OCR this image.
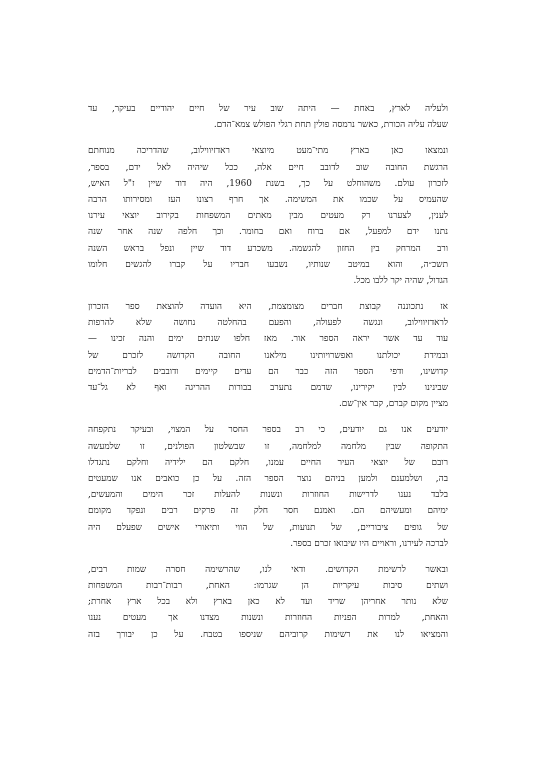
ולעליה לארץ, באחת — היתה שוב עיר של חיים יהודיים בעיקר, עד
שעלה עליה הכורת, כאשר נרמסה פולין תחת רגלי הפולש צמא־הדם.
ונמצאו כאן בארץ מתי־מעט מיוצאי ראדזיווילוב, שהדריכה מנוחתם
הרגשת החובה שוב לדובב חיים אלה, ככל שיהיה לאל ידם, בספר,
לזכרון עולם. משהוחלט על כך, בשנת 1960, היה דוד שיין ז"ל האיש,
שהעמיס על שכמו את המשימה. אך חרף רצונו העז ומסירותו הרבה
לענין, לצערנו רק מעטים מבין מאתים המשפחות בקירוב יוצאי עירנו
נתנו ידם למפעל, אם ברוח ואם בחומר. וכך חלפה שנה אחר שנה
ורב המרחק בין החזון להגשמה. משכרע דוד שיין ונפל בראש השנה
תשכ״ה, והוא במיטב שנותיו, נשבעו חבריו על קברו להגשים חלומו
הגדול, שהיה יקר ללבו מכל.
אז נתכוננה קבוצת חברים מצומצמת, היא הועדה להוצאת ספר הזכרון
לראדזיווילוב, ונגשה לפעולה, והפעם בהחלטה נחושה שלא להרפות
עוד עד אשר יראה הספר אור. מאז חלפו שנתים ימים והנה זכינו —
ובמידת יכולתנו ואפשרויותינו מילאנו החובה הקדושה לזכרם של
קדושינו, ודפי הספר הזה כבר הם עדים קיימים ודובבים לבריות־הדמים
שבינינו לבין יקירינו, שדמם נתערב בבורות ההריגה ואף לא גל־עד
מציין מקום קברם, קבר אין־שם.
יודעים אנו גם יודעים, כי רב בספר החסר על המצוי, ובעיקר נתקפחה
התקופה שבין מלחמה למלחמה, זו שבשלטון הפולנים, זו שלמעשה
רובם של יוצאי העיר החיים עמנו, חלקם הם ילידיה וחלקם נתגדלו
בה, ושלמענם ולמען בניהם נוצר הספר הזה. על כן כואבים אנו שמעטים
בלבד נענו לדרישות החוזרות ונשנות להעלות זכר הימים והמעשים,
ימיהם ומעשיהם הם. ואמנם חסר חלק זה פרקים רבים ונפקד מקומם
של גופים ציבוריים, של תנועות, של הווי ותיאורי אישים שפעלם היה
לברכה לעירנו, וראויים היו שיבואו זכרם בספר.
ובאשר לרשימת הקדושים. ודאי לנו, שהרשימה חסרה שמות רבים,
ושתים סיבות עיקריות הן שגרמו: האחת, רבות־רבות המשפחות
שלא נותר אחריהן שריד ועד לא כאן בארץ ולא בכל ארץ אחרת;
והאחת, למרות הפניות החוזרות ונשנות מצדנו אך מעטים נענו
והמציאו לנו את רשימות קרוביהם שניספו בטבח. על כן יבורך בזה
